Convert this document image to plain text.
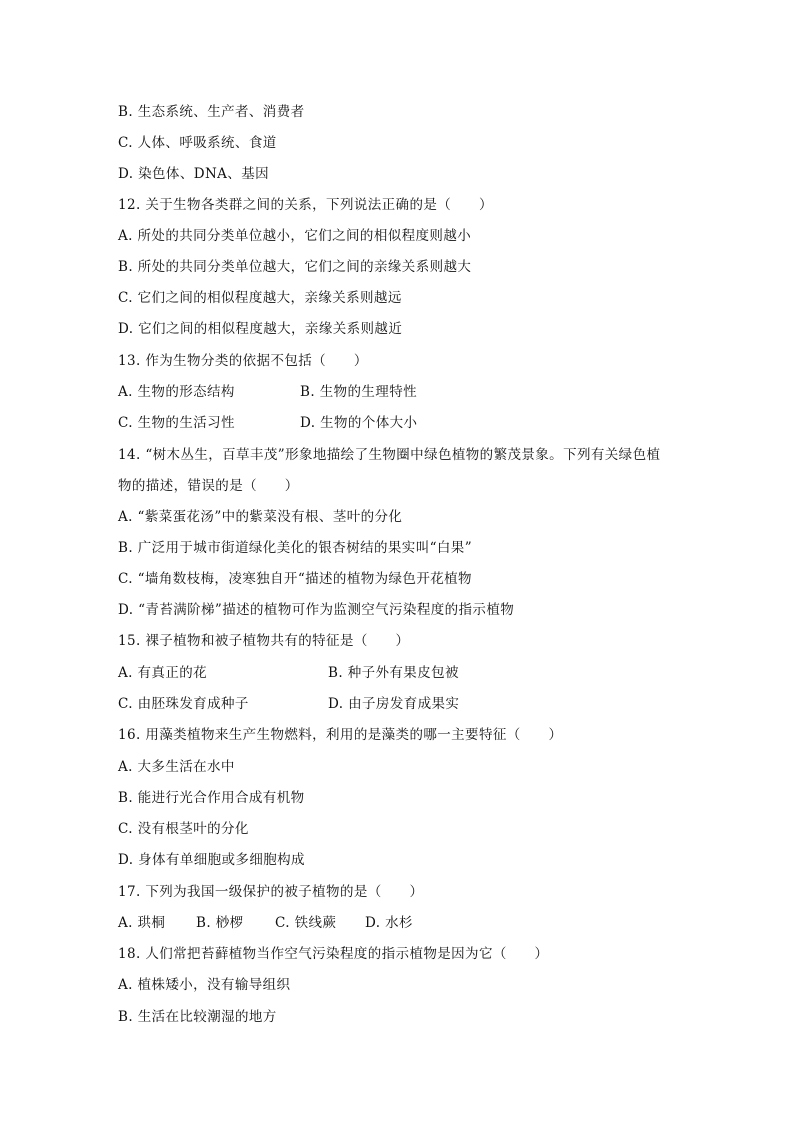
B. 生态系统、生产者、消费者
C. 人体、呼吸系统、食道
D. 染色体、DNA、基因
12. 关于生物各类群之间的关系，下列说法正确的是（　　）
A. 所处的共同分类单位越小，它们之间的相似程度则越小
B. 所处的共同分类单位越大，它们之间的亲缘关系则越大
C. 它们之间的相似程度越大，亲缘关系则越远
D. 它们之间的相似程度越大，亲缘关系则越近
13. 作为生物分类的依据不包括（　　）
A. 生物的形态结构	B. 生物的生理特性
C. 生物的生活习性	D. 生物的个体大小
14. “树木丛生，百草丰茂”形象地描绘了生物圈中绿色植物的繁茂景象。下列有关绿色植
物的描述，错误的是（　　）
A. “紫菜蛋花汤”中的紫菜没有根、茎叶的分化
B. 广泛用于城市街道绿化美化的银杏树结的果实叫“白果”
C. “墙角数枝梅，凌寒独自开“描述的植物为绿色开花植物
D. “青苔满阶梯”描述的植物可作为监测空气污染程度的指示植物
15. 裸子植物和被子植物共有的特征是（　　）
A. 有真正的花	B. 种子外有果皮包被
C. 由胚珠发育成种子	D. 由子房发育成果实
16. 用藻类植物来生产生物燃料，利用的是藻类的哪一主要特征（　　）
A. 大多生活在水中
B. 能进行光合作用合成有机物
C. 没有根茎叶的分化
D. 身体有单细胞或多细胞构成
17. 下列为我国一级保护的被子植物的是（　　）
A. 珙桐 B. 桫椤 C. 铁线蕨 D. 水杉
18. 人们常把苔藓植物当作空气污染程度的指示植物是因为它（　　）
A. 植株矮小，没有输导组织
B. 生活在比较潮湿的地方
